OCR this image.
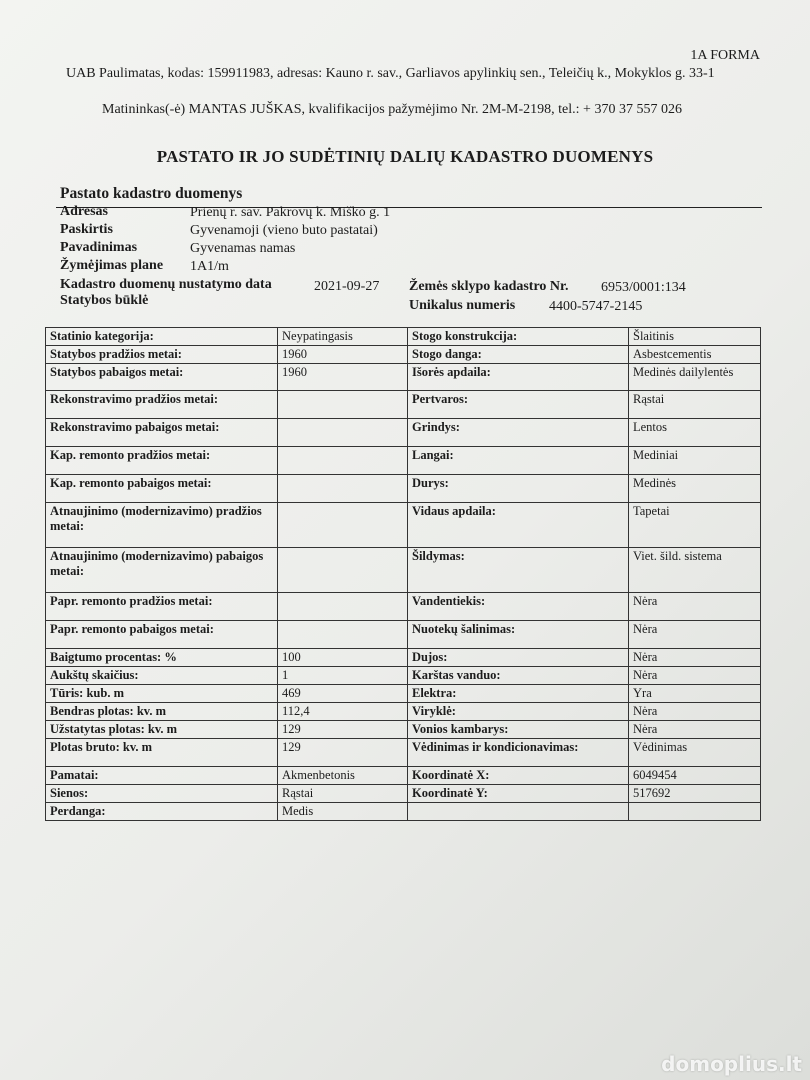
1A FORMA
UAB Paulimatas, kodas: 159911983, adresas: Kauno r. sav., Garliavos apylinkių sen., Teleičių k., Mokyklos g. 33-1
Matininkas(-ė) MANTAS JUŠKAS, kvalifikacijos pažymėjimo Nr. 2M-M-2198, tel.: + 370 37 557 026
PASTATO IR JO SUDĖTINIŲ DALIŲ KADASTRO DUOMENYS
Pastato kadastro duomenys
Adresas	Prienų r. sav. Pakrovų k. Miško g. 1
Paskirtis	Gyvenamoji (vieno buto pastatai)
Pavadinimas	Gyvenamas namas
Žymėjimas plane 1A1/m
Kadastro duomenų nustatymo data	2021-09-27 Žemės sklypo kadastro Nr. 6953/0001:134
Statybos būklė	Unikalus numeris 4400-5747-2145
Statinio kategorija:	Neypatingasis	Stogo konstrukcija:	Šlaitinis
Statybos pradžios metai:	1960	Stogo danga:	Asbestcementis
Statybos pabaigos metai:	1960	Išorės apdaila:	Medinės dailylentės
Rekonstravimo pradžios metai:		Pertvaros:	Rąstai
Rekonstravimo pabaigos metai:		Grindys:	Lentos
Kap. remonto pradžios metai:		Langai:	Mediniai
Kap. remonto pabaigos metai:		Durys:	Medinės
Atnaujinimo (modernizavimo) pradžios metai:		Vidaus apdaila:	Tapetai
Atnaujinimo (modernizavimo) pabaigos metai:		Šildymas:	Viet. šild. sistema
Papr. remonto pradžios metai:		Vandentiekis:	Nėra
Papr. remonto pabaigos metai:		Nuotekų šalinimas:	Nėra
Baigtumo procentas: %	100	Dujos:	Nėra
Aukštų skaičius:	1	Karštas vanduo:	Nėra
Tūris: kub. m	469	Elektra:	Yra
Bendras plotas: kv. m	112,4	Viryklė:	Nėra
Užstatytas plotas: kv. m	129	Vonios kambarys:	Nėra
Plotas bruto: kv. m	129	Vėdinimas ir kondicionavimas:	Vėdinimas
Pamatai:	Akmenbetonis	Koordinatė X:	6049454
Sienos:	Rąstai	Koordinatė Y:	517692
Perdanga:	Medis		
domoplius.lt
